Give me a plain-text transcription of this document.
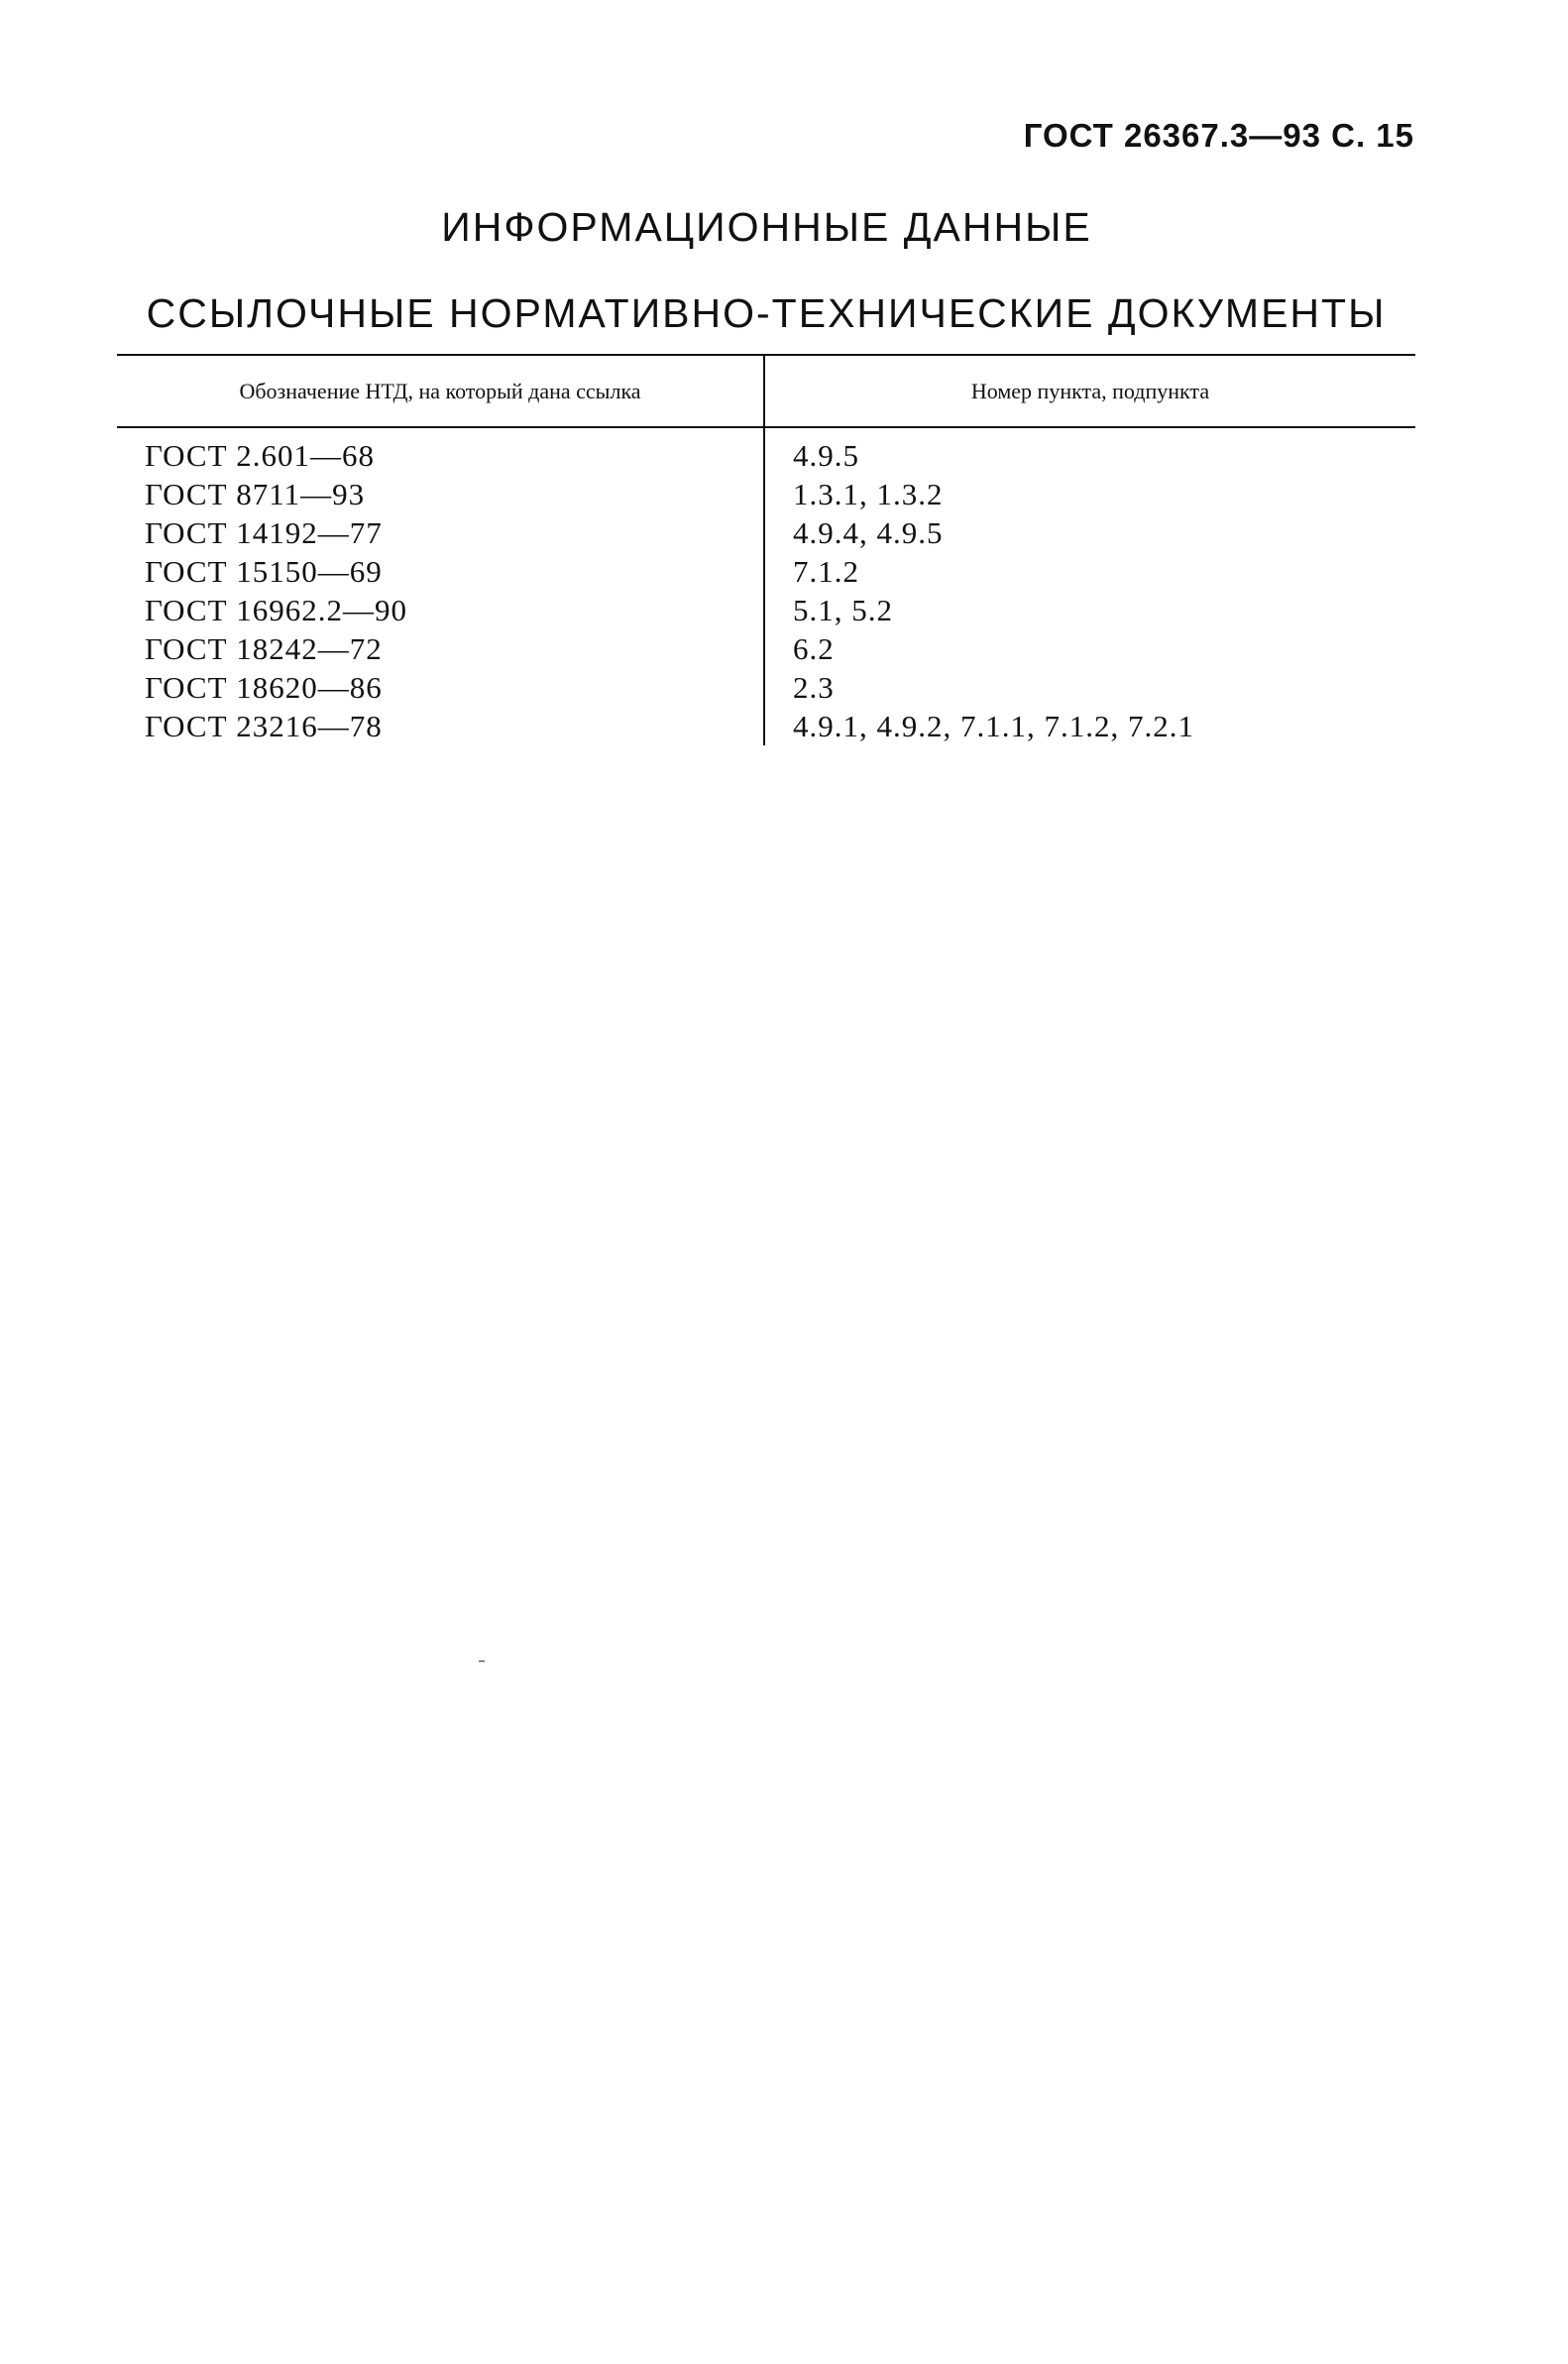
ГОСТ 26367.3—93 С. 15
ИНФОРМАЦИОННЫЕ ДАННЫЕ
ССЫЛОЧНЫЕ НОРМАТИВНО-ТЕХНИЧЕСКИЕ ДОКУМЕНТЫ
Обозначение НТД, на который дана ссылка	Номер пункта, подпункта
ГОСТ 2.601—68	4.9.5
ГОСТ 8711—93	1.3.1, 1.3.2
ГОСТ 14192—77	4.9.4, 4.9.5
ГОСТ 15150—69	7.1.2
ГОСТ 16962.2—90	5.1, 5.2
ГОСТ 18242—72	6.2
ГОСТ 18620—86	2.3
ГОСТ 23216—78	4.9.1, 4.9.2, 7.1.1, 7.1.2, 7.2.1
